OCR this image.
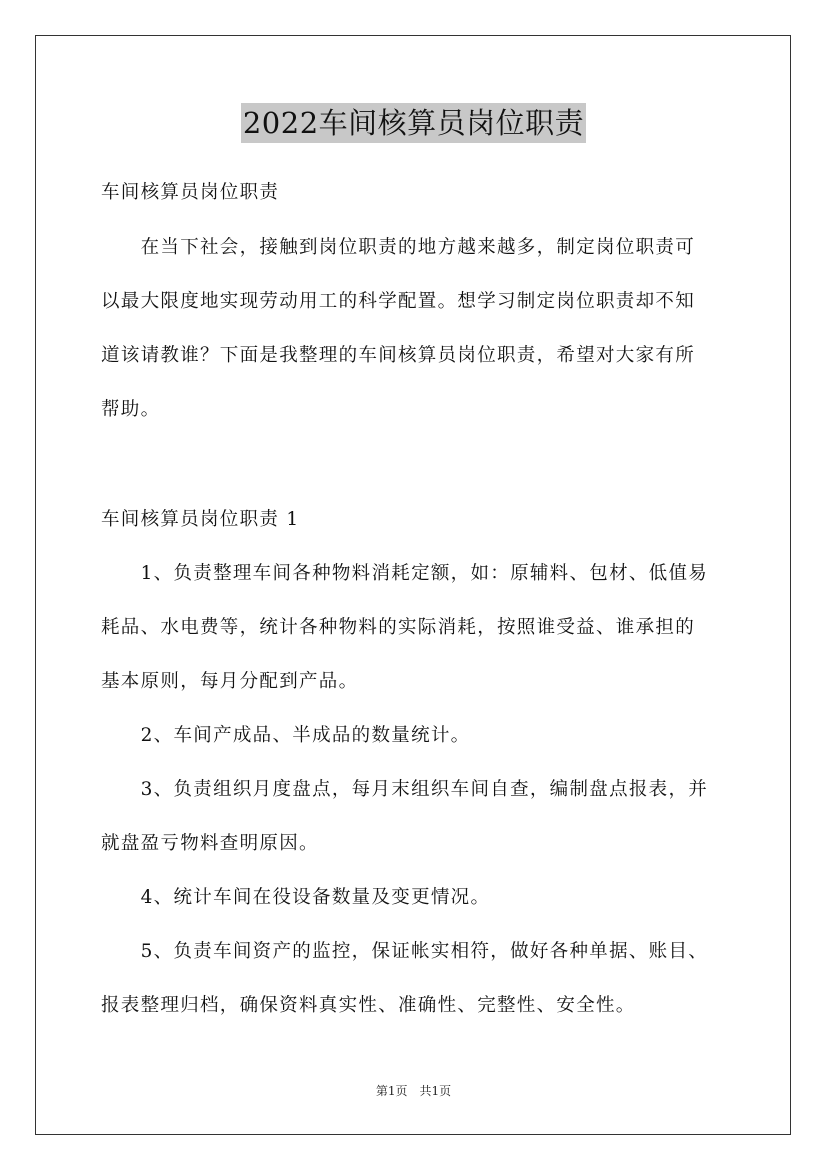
2022车间核算员岗位职责
车间核算员岗位职责
　　在当下社会，接触到岗位职责的地方越来越多，制定岗位职责可
以最大限度地实现劳动用工的科学配置。想学习制定岗位职责却不知
道该请教谁？下面是我整理的车间核算员岗位职责，希望对大家有所
帮助。
车间核算员岗位职责 1
　　1、负责整理车间各种物料消耗定额，如：原辅料、包材、低值易
耗品、水电费等，统计各种物料的实际消耗，按照谁受益、谁承担的
基本原则，每月分配到产品。
　　2、车间产成品、半成品的数量统计。
　　3、负责组织月度盘点，每月末组织车间自查，编制盘点报表，并
就盘盈亏物料查明原因。
　　4、统计车间在役设备数量及变更情况。
　　5、负责车间资产的监控，保证帐实相符，做好各种单据、账目、
报表整理归档，确保资料真实性、准确性、完整性、安全性。
第1页　共1页
